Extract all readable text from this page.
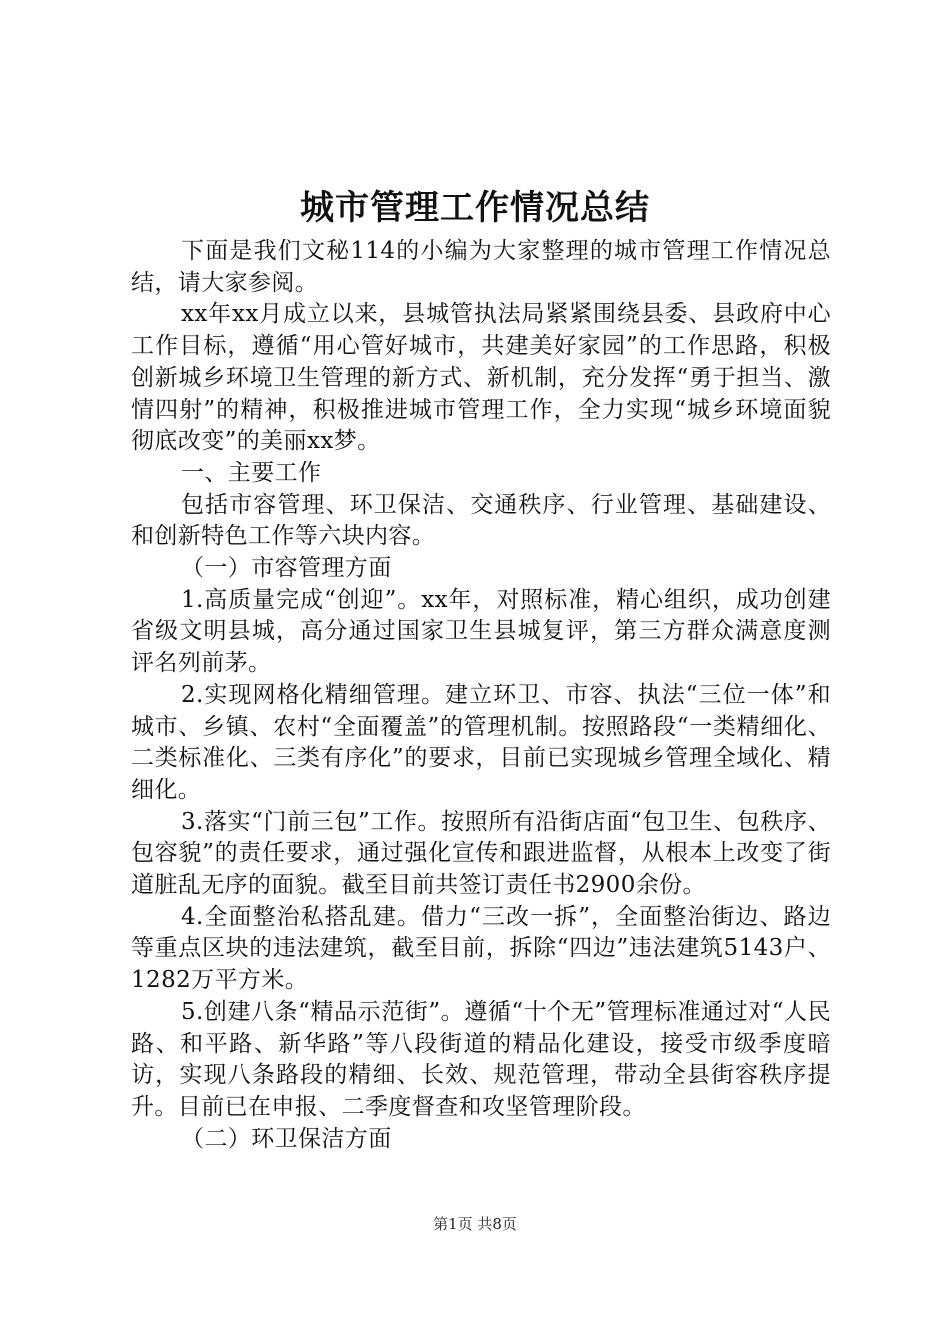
城市管理工作情况总结

下面是我们文秘114的小编为大家整理的城市管理工作情况总结，请大家参阅。

xx年xx月成立以来，县城管执法局紧紧围绕县委、县政府中心工作目标，遵循“用心管好城市，共建美好家园”的工作思路，积极创新城乡环境卫生管理的新方式、新机制，充分发挥“勇于担当、激情四射”的精神，积极推进城市管理工作，全力实现“城乡环境面貌彻底改变”的美丽xx梦。

一、主要工作

包括市容管理、环卫保洁、交通秩序、行业管理、基础建设、和创新特色工作等六块内容。

（一）市容管理方面

1.高质量完成“创迎”。xx年，对照标准，精心组织，成功创建省级文明县城，高分通过国家卫生县城复评，第三方群众满意度测评名列前茅。

2.实现网格化精细管理。建立环卫、市容、执法“三位一体”和城市、乡镇、农村“全面覆盖”的管理机制。按照路段“一类精细化、二类标准化、三类有序化”的要求，目前已实现城乡管理全域化、精细化。

3.落实“门前三包”工作。按照所有沿街店面“包卫生、包秩序、包容貌”的责任要求，通过强化宣传和跟进监督，从根本上改变了街道脏乱无序的面貌。截至目前共签订责任书2900余份。

4.全面整治私搭乱建。借力“三改一拆”，全面整治街边、路边等重点区块的违法建筑，截至目前，拆除“四边”违法建筑5143户、1282万平方米。

5.创建八条“精品示范街”。遵循“十个无”管理标准通过对“人民路、和平路、新华路”等八段街道的精品化建设，接受市级季度暗访，实现八条路段的精细、长效、规范管理，带动全县街容秩序提升。目前已在申报、二季度督查和攻坚管理阶段。

（二）环卫保洁方面

第1页 共8页
